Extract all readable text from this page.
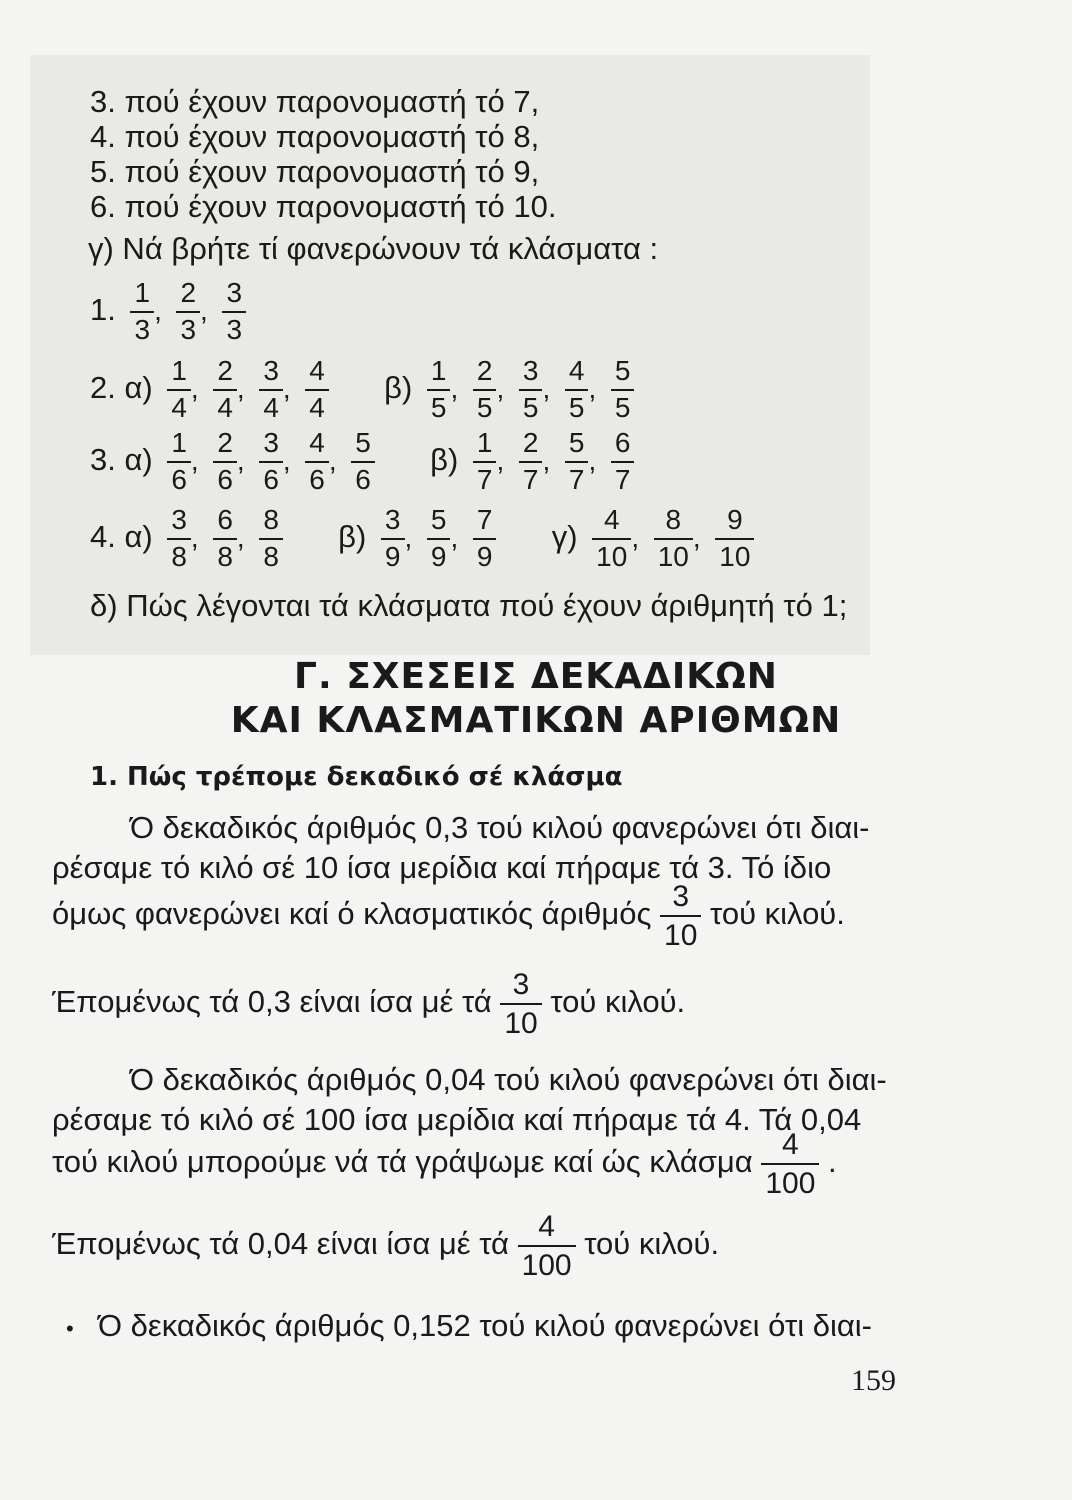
3. πού έχουν παρονομαστή τό 7,
4. πού έχουν παρονομαστή τό 8,
5. πού έχουν παρονομαστή τό 9,
6. πού έχουν παρονομαστή τό 10.
γ) Νά βρήτε τί φανερώνουν τά κλάσματα :
1. $\frac{1}{3}$ , $\frac{2}{3}$ , $\frac{3}{3}$
2. $\alpha) \frac{1}{4}$ , $\frac{2}{4}$ , $\frac{3}{4}$ , $\frac{4}{4} \beta) \frac{1}{5}$ , $\frac{2}{5}$ , $\frac{3}{5}$ , $\frac{4}{5}$ , $\frac{5}{5}$
3. $\alpha) \frac{1}{6}$ , $\frac{2}{6}$ , $\frac{3}{6}$ , $\frac{4}{6}$ , $\frac{5}{6} \beta) \frac{1}{7}$ , $\frac{2}{7}$ , $\frac{5}{7}$ , $\frac{6}{7}$
4. $\alpha) \frac{3}{8}$ , $\frac{6}{8}$ , $\frac{8}{8} \beta) \frac{3}{9}$ , $\frac{5}{9}$ , $\frac{7}{9} \gamma) \frac{4}{10}$ , $\frac{8}{10}$ , $\frac{9}{10}$
δ) Πώς λέγονται τά κλάσματα πού έχουν άριθμητή τό 1;
Γ. ΣΧΕΣΕΙΣ ΔΕΚΑΔΙΚΩΝ
ΚΑΙ ΚΛΑΣΜΑΤΙΚΩΝ ΑΡΙΘΜΩΝ
1. Πώς τρέπομε δεκαδικό σέ κλάσμα
Ό δεκαδικός άριθμός 0,3 τού κιλού φανερώνει ότι διαι-
ρέσαμε τό κιλό σέ 10 ίσα μερίδια καί πήραμε τά 3. Τό ίδιο
όμως φανερώνει καί ό κλασματικός άριθμός $\frac{3}{10}$ τού κιλού.
Έπομένως τά 0,3 είναι ίσα μέ τά $\frac{3}{10}$ τού κιλού.
Ό δεκαδικός άριθμός 0,04 τού κιλού φανερώνει ότι διαι-
ρέσαμε τό κιλό σέ 100 ίσα μερίδια καί πήραμε τά 4. Τά 0,04
τού κιλού μπορούμε νά τά γράψωμε καί ώς κλάσμα $\frac{4}{100}$ .
Έπομένως τά 0,04 είναι ίσα μέ τά $\frac{4}{100}$ τού κιλού.
• Ό δεκαδικός άριθμός 0,152 τού κιλού φανερώνει ότι διαι-
159
